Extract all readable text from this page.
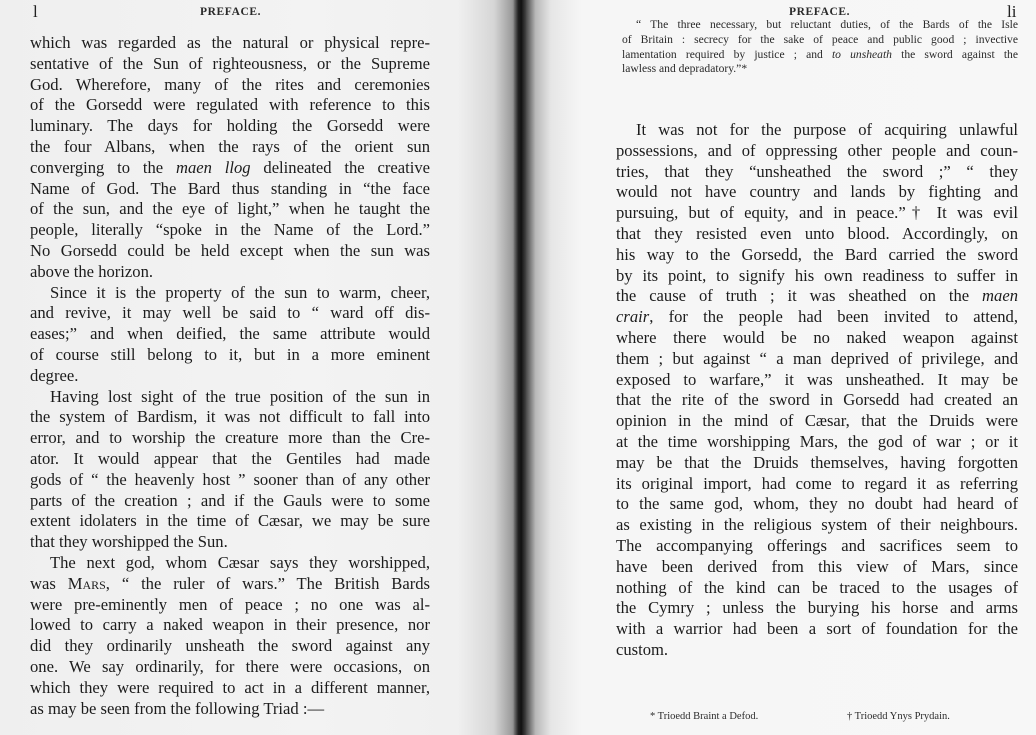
l	PREFACE.
which was regarded as the natural or physical repre-
sentative of the Sun of righteousness, or the Supreme
God. Wherefore, many of the rites and ceremonies
of the Gorsedd were regulated with reference to this
luminary. The days for holding the Gorsedd were
the four Albans, when the rays of the orient sun
converging to the maen llog delineated the creative
Name of God. The Bard thus standing in “the face
of the sun, and the eye of light,” when he taught the
people, literally “spoke in the Name of the Lord.”
No Gorsedd could be held except when the sun was
above the horizon.
Since it is the property of the sun to warm, cheer,
and revive, it may well be said to “ ward off dis-
eases;” and when deified, the same attribute would
of course still belong to it, but in a more eminent
degree.
Having lost sight of the true position of the sun in
the system of Bardism, it was not difficult to fall into
error, and to worship the creature more than the Cre-
ator. It would appear that the Gentiles had made
gods of “ the heavenly host ” sooner than of any other
parts of the creation ; and if the Gauls were to some
extent idolaters in the time of Cæsar, we may be sure
that they worshipped the Sun.
The next god, whom Cæsar says they worshipped,
was Mars, “ the ruler of wars.” The British Bards
were pre-eminently men of peace ; no one was al-
lowed to carry a naked weapon in their presence, nor
did they ordinarily unsheath the sword against any
one. We say ordinarily, for there were occasions, on
which they were required to act in a different manner,
as may be seen from the following Triad :—
PREFACE.	li
“ The three necessary, but reluctant duties, of the Bards of the Isle
of Britain : secrecy for the sake of peace and public good ; invective
lamentation required by justice ; and to unsheath the sword against the
lawless and depradatory.”*
It was not for the purpose of acquiring unlawful
possessions, and of oppressing other people and coun-
tries, that they “unsheathed the sword ;” “ they
would not have country and lands by fighting and
pursuing, but of equity, and in peace.”† It was evil
that they resisted even unto blood. Accordingly, on
his way to the Gorsedd, the Bard carried the sword
by its point, to signify his own readiness to suffer in
the cause of truth ; it was sheathed on the maen
crair, for the people had been invited to attend,
where there would be no naked weapon against
them ; but against “ a man deprived of privilege, and
exposed to warfare,” it was unsheathed. It may be
that the rite of the sword in Gorsedd had created an
opinion in the mind of Cæsar, that the Druids were
at the time worshipping Mars, the god of war ; or it
may be that the Druids themselves, having forgotten
its original import, had come to regard it as referring
to the same god, whom, they no doubt had heard of
as existing in the religious system of their neighbours.
The accompanying offerings and sacrifices seem to
have been derived from this view of Mars, since
nothing of the kind can be traced to the usages of
the Cymry ; unless the burying his horse and arms
with a warrior had been a sort of foundation for the
custom.
* Trioedd Braint a Defod.	† Trioedd Ynys Prydain.
